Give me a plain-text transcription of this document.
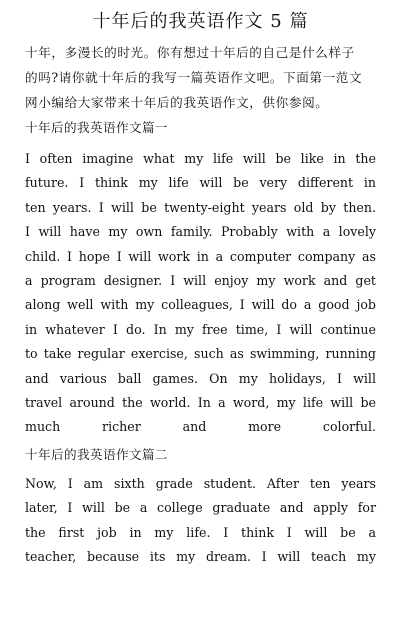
十年后的我英语作文 5 篇

十年，多漫长的时光。你有想过十年后的自己是什么样子

的吗?请你就十年后的我写一篇英语作文吧。下面第一范文

网小编给大家带来十年后的我英语作文，供你参阅。

十年后的我英语作文篇一

I often imagine what my life will be like in the

future. I think my life will be very different in

ten years. I will be twenty-eight years old by then.

I will have my own family. Probably with a lovely

child. I hope I will work in a computer company as

a program designer. I will enjoy my work and get

along well with my colleagues, I will do a good job

in whatever I do. In my free time, I will continue

to take regular exercise, such as swimming, running

and various ball games. On my holidays, I will

travel around the world. In a word, my life will be

much richer and more colorful.

十年后的我英语作文篇二

Now, I am sixth grade student. After ten years

later, I will be a college graduate and apply for

the first job in my life. I think I will be a

teacher, because its my dream. I will teach my
